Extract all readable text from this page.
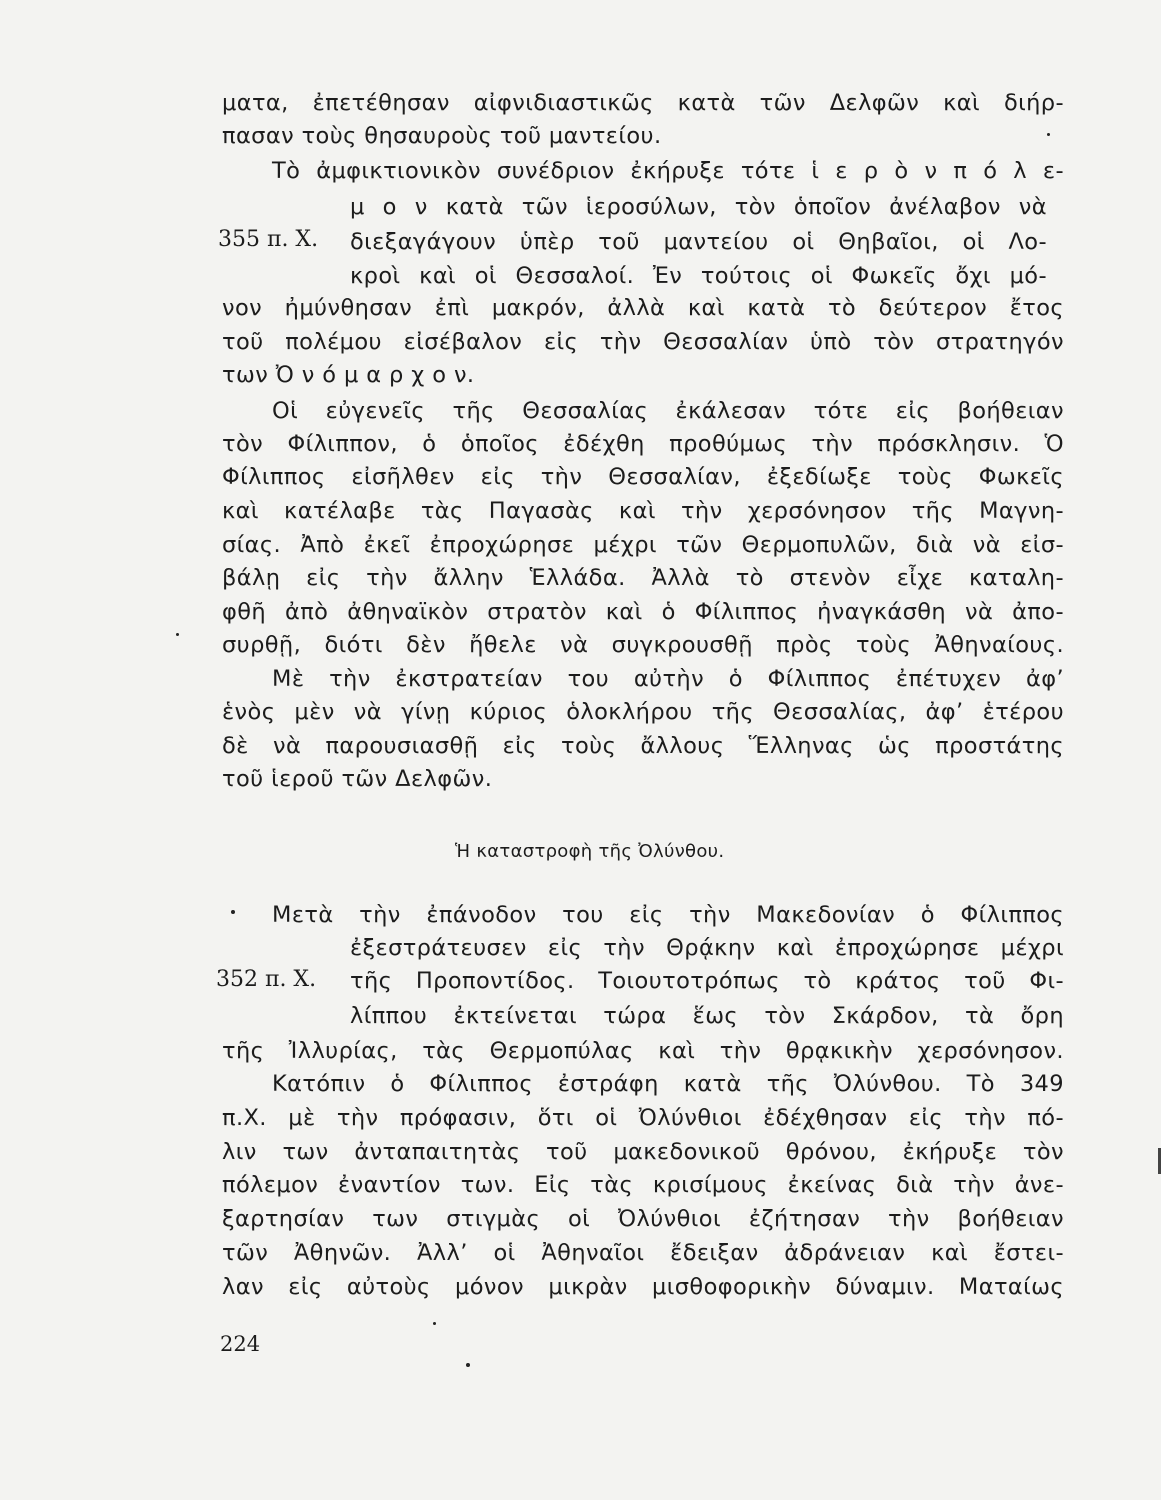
ματα, ἐπετέθησαν αἰφνιδιαστικῶς κατὰ τῶν Δελφῶν καὶ διήρ-
πασαν τοὺς θησαυροὺς τοῦ μαντείου.
Τὸ ἀμφικτιονικὸν συνέδριον ἐκήρυξε τότε ἱ ε ρ ὸ ν π ό λ ε-
μ ο ν κατὰ τῶν ἱεροσύλων, τὸν ὁποῖον ἀνέλαβον νὰ
355 π. Χ. διεξαγάγουν ὑπὲρ τοῦ μαντείου οἱ Θηβαῖοι, οἱ Λο-
κροὶ καὶ οἱ Θεσσαλοί. Ἐν τούτοις οἱ Φωκεῖς ὄχι μό-
νον ἠμύνθησαν ἐπὶ μακρόν, ἀλλὰ καὶ κατὰ τὸ δεύτερον ἔτος
τοῦ πολέμου εἰσέβαλον εἰς τὴν Θεσσαλίαν ὑπὸ τὸν στρατηγόν
των Ὀ ν ό μ α ρ χ ο ν.
Οἱ εὐγενεῖς τῆς Θεσσαλίας ἐκάλεσαν τότε εἰς βοήθειαν
τὸν Φίλιππον, ὁ ὁποῖος ἐδέχθη προθύμως τὴν πρόσκλησιν. Ὁ
Φίλιππος εἰσῆλθεν εἰς τὴν Θεσσαλίαν, ἐξεδίωξε τοὺς Φωκεῖς
καὶ κατέλαβε τὰς Παγασὰς καὶ τὴν χερσόνησον τῆς Μαγνη-
σίας. Ἀπὸ ἐκεῖ ἐπροχώρησε μέχρι τῶν Θερμοπυλῶν, διὰ νὰ εἰσ-
βάλῃ εἰς τὴν ἄλλην Ἑλλάδα. Ἀλλὰ τὸ στενὸν εἶχε καταλη-
φθῆ ἀπὸ ἀθηναϊκὸν στρατὸν καὶ ὁ Φίλιππος ἠναγκάσθη νὰ ἀπο-
συρθῇ, διότι δὲν ἤθελε νὰ συγκρουσθῇ πρὸς τοὺς Ἀθηναίους.
Μὲ τὴν ἐκστρατείαν του αὐτὴν ὁ Φίλιππος ἐπέτυχεν ἀφ’
ἑνὸς μὲν νὰ γίνῃ κύριος ὁλοκλήρου τῆς Θεσσαλίας, ἀφ’ ἑτέρου
δὲ νὰ παρουσιασθῇ εἰς τοὺς ἄλλους Ἕλληνας ὡς προστάτης
τοῦ ἱεροῦ τῶν Δελφῶν.
Ἡ καταστροφὴ τῆς Ὀλύνθου.
Μετὰ τὴν ἐπάνοδον του εἰς τὴν Μακεδονίαν ὁ Φίλιππος
ἐξεστράτευσεν εἰς τὴν Θρᾴκην καὶ ἐπροχώρησε μέχρι
352 π. Χ. τῆς Προποντίδος. Τοιουτοτρόπως τὸ κράτος τοῦ Φι-
λίππου ἐκτείνεται τώρα ἕως τὸν Σκάρδον, τὰ ὄρη
τῆς Ἰλλυρίας, τὰς Θερμοπύλας καὶ τὴν θρᾳκικὴν χερσόνησον.
Κατόπιν ὁ Φίλιππος ἐστράφη κατὰ τῆς Ὀλύνθου. Τὸ 349
π.Χ. μὲ τὴν πρόφασιν, ὅτι οἱ Ὀλύνθιοι ἐδέχθησαν εἰς τὴν πό-
λιν των ἀνταπαιτητὰς τοῦ μακεδονικοῦ θρόνου, ἐκήρυξε τὸν
πόλεμον ἐναντίον των. Εἰς τὰς κρισίμους ἐκείνας διὰ τὴν ἀνε-
ξαρτησίαν των στιγμὰς οἱ Ὀλύνθιοι ἐζήτησαν τὴν βοήθειαν
τῶν Ἀθηνῶν. Ἀλλ’ οἱ Ἀθηναῖοι ἔδειξαν ἀδράνειαν καὶ ἔστει-
λαν εἰς αὐτοὺς μόνον μικρὰν μισθοφορικὴν δύναμιν. Ματαίως
224
